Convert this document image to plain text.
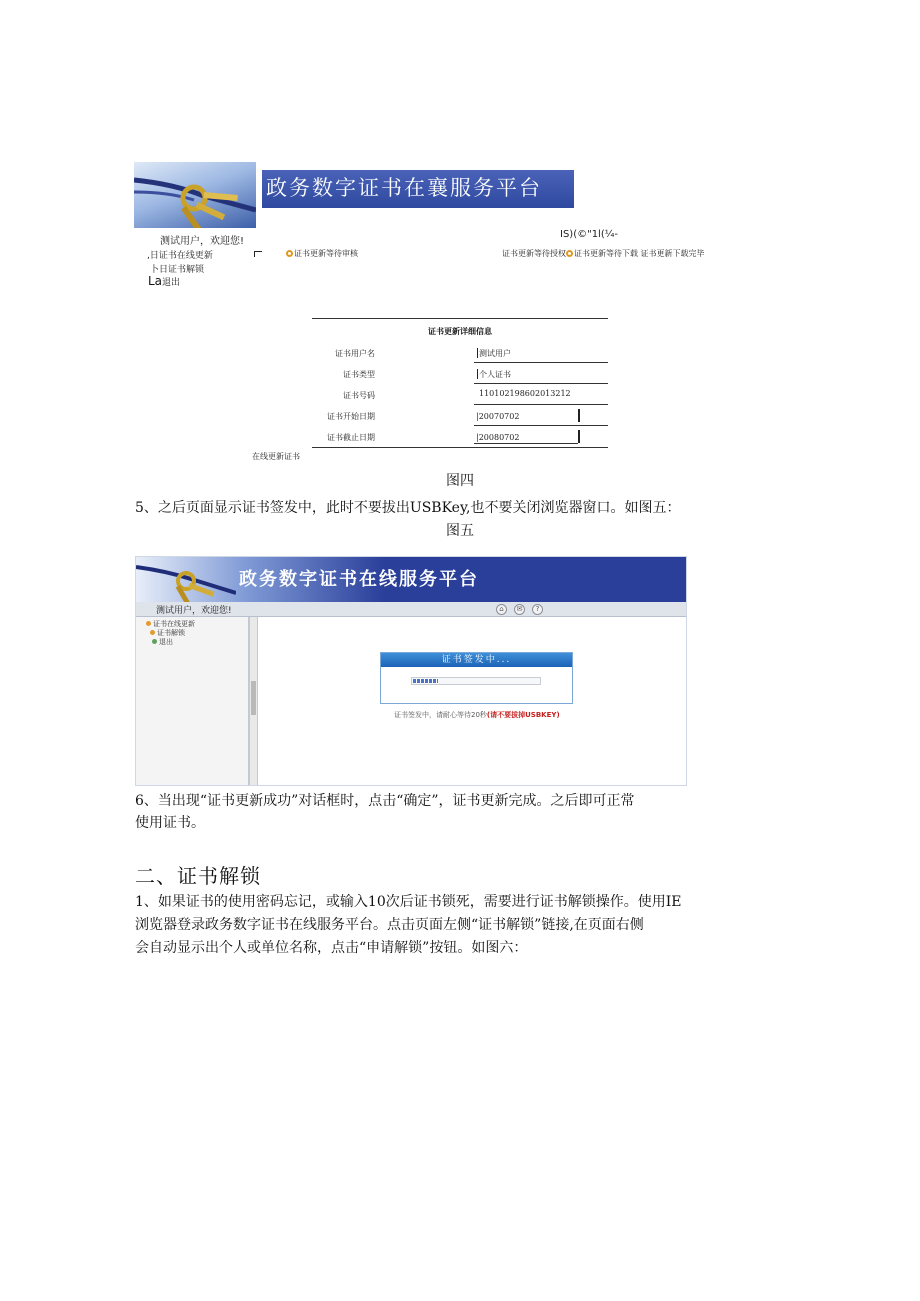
政务数字证书在襄服务平台
IS)(©"1l(¼-
测试用户，欢迎您!
,日证书在线更新
卜日证书解锁
La退出
证书更新等待审核	证书更新等待授权 证书更新等待下载 证书更新下载完毕
证书更新详细信息
证书用户名	测试用户
证书类型	个人证书
证书号码	110102198602013212
证书开始日期	|20070702
证书截止日期	|20080702
在线更新证书
图四
5、之后页面显示证书签发中，此时不要拔出USBKey,也不要关闭浏览器窗口。如图五：
图五
政务数字证书在线服务平台
测试用户，欢迎您!	⌂	✉	?
证书在线更新
证书解锁
退出
证书签发中...
证书签发中，请耐心等待20秒(请不要拔掉USBKEY)
6、当出现“证书更新成功”对话框时，点击“确定”，证书更新完成。之后即可正常
使用证书。
二、证书解锁
1、如果证书的使用密码忘记，或输入10次后证书锁死，需要进行证书解锁操作。使用IE
浏览器登录政务数字证书在线服务平台。点击页面左侧“证书解锁”链接,在页面右侧
会自动显示出个人或单位名称，点击“申请解锁”按钮。如图六：
